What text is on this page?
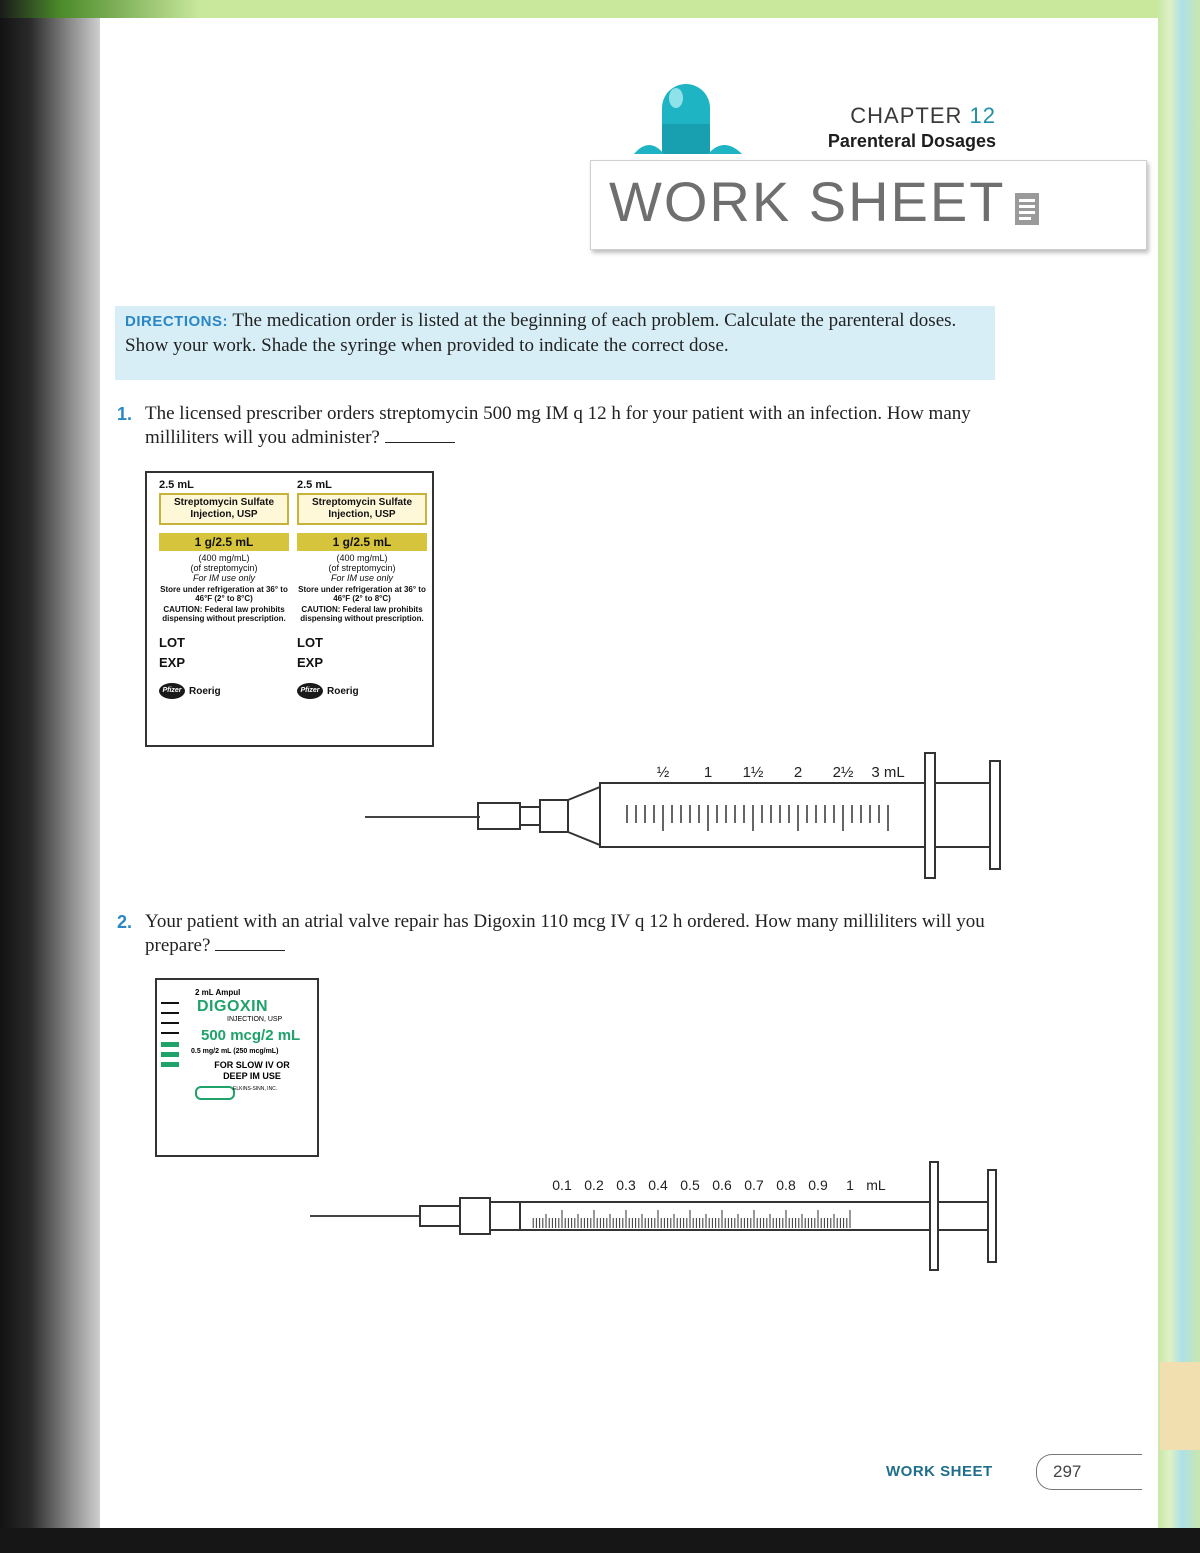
CHAPTER 12
Parenteral Dosages
WORK SHEET
DIRECTIONS: The medication order is listed at the beginning of each problem. Calculate the parenteral doses. Show your work. Shade the syringe when provided to indicate the correct dose.
1. The licensed prescriber orders streptomycin 500 mg IM q 12 h for your patient with an infection. How many milliliters will you administer?
2.5 mL
Streptomycin Sulfate
Injection, USP
1 g/2.5 mL
(400 mg/mL)
(of streptomycin)
For IM use only
Store under refrigeration at 36° to 46°F (2° to 8°C)
CAUTION: Federal law prohibits dispensing without prescription.
LOT
EXP
Pfizer Roerig
2.5 mL
Streptomycin Sulfate
Injection, USP
1 g/2.5 mL
(400 mg/mL)
(of streptomycin)
For IM use only
Store under refrigeration at 36° to 46°F (2° to 8°C)
CAUTION: Federal law prohibits dispensing without prescription.
LOT
EXP
Pfizer Roerig
½ 1 1½ 2 2½ 3 mL
2. Your patient with an atrial valve repair has Digoxin 110 mcg IV q 12 h ordered. How many milliliters will you prepare?
2 mL Ampul
DIGOXIN
INJECTION, USP
500 mcg/2 mL
0.5 mg/2 mL (250 mcg/mL)
FOR SLOW IV OR DEEP IM USE
ELKINS-SINN, INC.
0.1 0.2 0.3 0.4 0.5 0.6 0.7 0.8 0.9 1 mL
WORK SHEET	297
